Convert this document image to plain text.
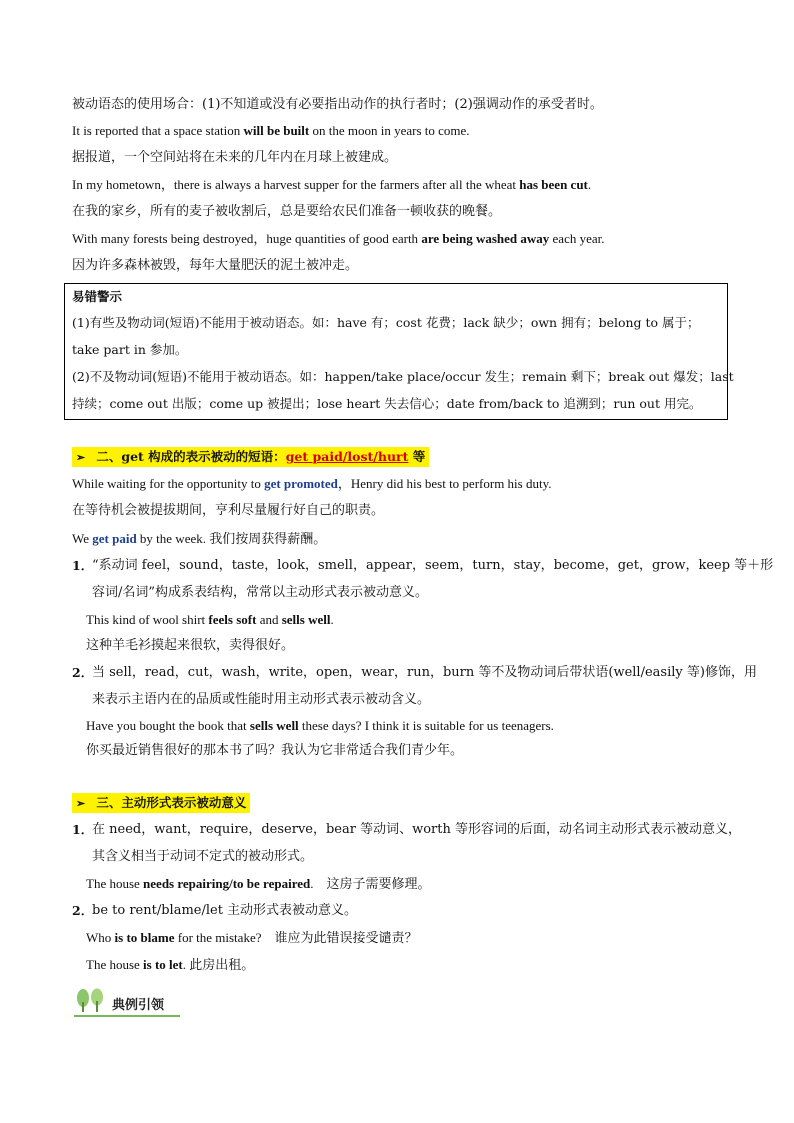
被动语态的使用场合：(1)不知道或没有必要指出动作的执行者时；(2)强调动作的承受者时。
It is reported that a space station will be built on the moon in years to come.
据报道，一个空间站将在未来的几年内在月球上被建成。
In my hometown，there is always a harvest supper for the farmers after all the wheat has been cut.
在我的家乡，所有的麦子被收割后，总是要给农民们准备一顿收获的晚餐。
With many forests being destroyed，huge quantities of good earth are being washed away each year.
因为许多森林被毁，每年大量肥沃的泥土被冲走。
易错警示
(1)有些及物动词(短语)不能用于被动语态。如：have 有；cost 花费；lack 缺少；own 拥有；belong to 属于；
take part in 参加。
(2)不及物动词(短语)不能用于被动语态。如：happen/take place/occur 发生；remain 剩下；break out 爆发；last
持续；come out 出版；come up 被提出；lose heart 失去信心；date from/back to 追溯到；run out 用完。
➢ 二、get 构成的表示被动的短语：get paid/lost/hurt 等
While waiting for the opportunity to get promoted，Henry did his best to perform his duty.
在等待机会被提拔期间，亨利尽量履行好自己的职责。
We get paid by the week. 我们按周获得薪酬。
1．
“系动词 feel，sound，taste，look，smell，appear，seem，turn，stay，become，get，grow，keep 等＋形
容词/名词”构成系表结构，常常以主动形式表示被动意义。
This kind of wool shirt feels soft and sells well.
这种羊毛衫摸起来很软，卖得很好。
2．
当 sell，read，cut，wash，write，open，wear，run，burn 等不及物动词后带状语(well/easily 等)修饰，用
来表示主语内在的品质或性能时用主动形式表示被动含义。
Have you bought the book that sells well these days? I think it is suitable for us teenagers.
你买最近销售很好的那本书了吗？我认为它非常适合我们青少年。
➢ 三、主动形式表示被动意义
1．
在 need，want，require，deserve，bear 等动词、worth 等形容词的后面，动名词主动形式表示被动意义，
其含义相当于动词不定式的被动形式。
The house needs repairing/to be repaired.　这房子需要修理。
2．
be to rent/blame/let 主动形式表被动意义。
Who is to blame for the mistake?　谁应为此错误接受谴责？
The house is to let. 此房出租。
典例引领
